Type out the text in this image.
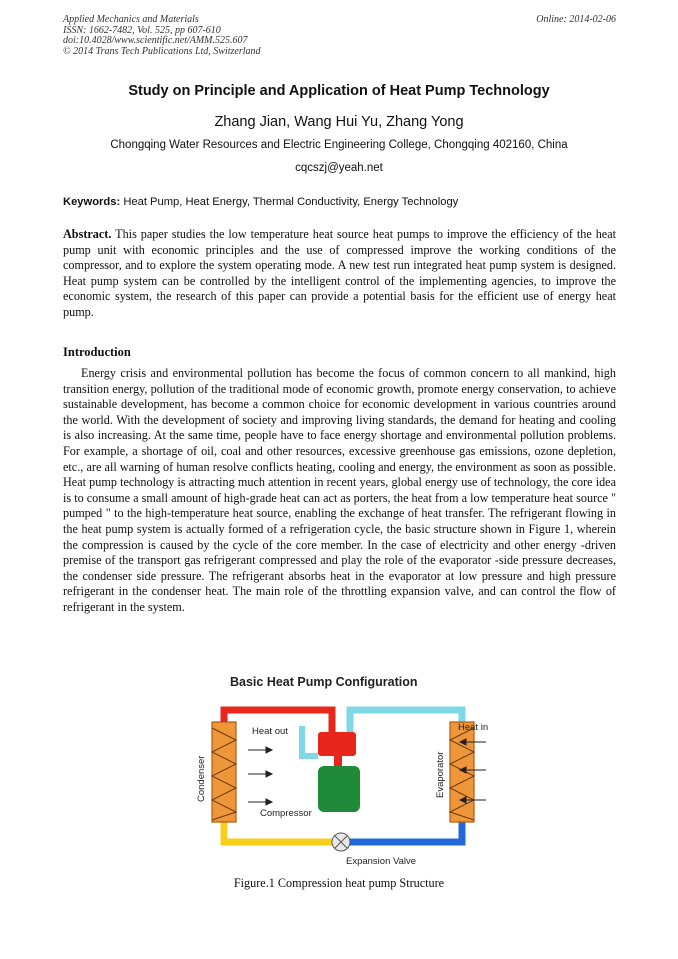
Applied Mechanics and Materials
ISSN: 1662-7482, Vol. 525, pp 607-610
doi:10.4028/www.scientific.net/AMM.525.607
© 2014 Trans Tech Publications Ltd, Switzerland
Online: 2014-02-06
Study on Principle and Application of Heat Pump Technology
Zhang Jian, Wang Hui Yu, Zhang Yong
Chongqing Water Resources and Electric Engineering College, Chongqing 402160, China
cqcszj@yeah.net
Keywords: Heat Pump, Heat Energy, Thermal Conductivity, Energy Technology
Abstract. This paper studies the low temperature heat source heat pumps to improve the efficiency of the heat pump unit with economic principles and the use of compressed improve the working conditions of the compressor, and to explore the system operating mode. A new test run integrated heat pump system is designed. Heat pump system can be controlled by the intelligent control of the implementing agencies, to improve the economic system, the research of this paper can provide a potential basis for the efficient use of energy heat pump.
Introduction
Energy crisis and environmental pollution has become the focus of common concern to all mankind, high transition energy, pollution of the traditional mode of economic growth, promote energy conservation, to achieve sustainable development, has become a common choice for economic development in various countries around the world. With the development of society and improving living standards, the demand for heating and cooling is also increasing. At the same time, people have to face energy shortage and environmental pollution problems. For example, a shortage of oil, coal and other resources, excessive greenhouse gas emissions, ozone depletion, etc., are all warning of human resolve conflicts heating, cooling and energy, the environment as soon as possible. Heat pump technology is attracting much attention in recent years, global energy use of technology, the core idea is to consume a small amount of high-grade heat can act as porters, the heat from a low temperature heat source " pumped " to the high-temperature heat source, enabling the exchange of heat transfer. The refrigerant flowing in the heat pump system is actually formed of a refrigeration cycle, the basic structure shown in Figure 1, wherein the compression is caused by the cycle of the core member. In the case of electricity and other energy -driven premise of the transport gas refrigerant compressed and play the role of the evaporator -side pressure decreases, the condenser side pressure. The refrigerant absorbs heat in the evaporator at low pressure and high pressure refrigerant in the condenser heat. The main role of the throttling expansion valve, and can control the flow of refrigerant in the system.
Basic Heat Pump Configuration
Condenser	Evaporator
Heat out	Heat in
Compressor
Expansion Valve
Figure.1 Compression heat pump Structure
